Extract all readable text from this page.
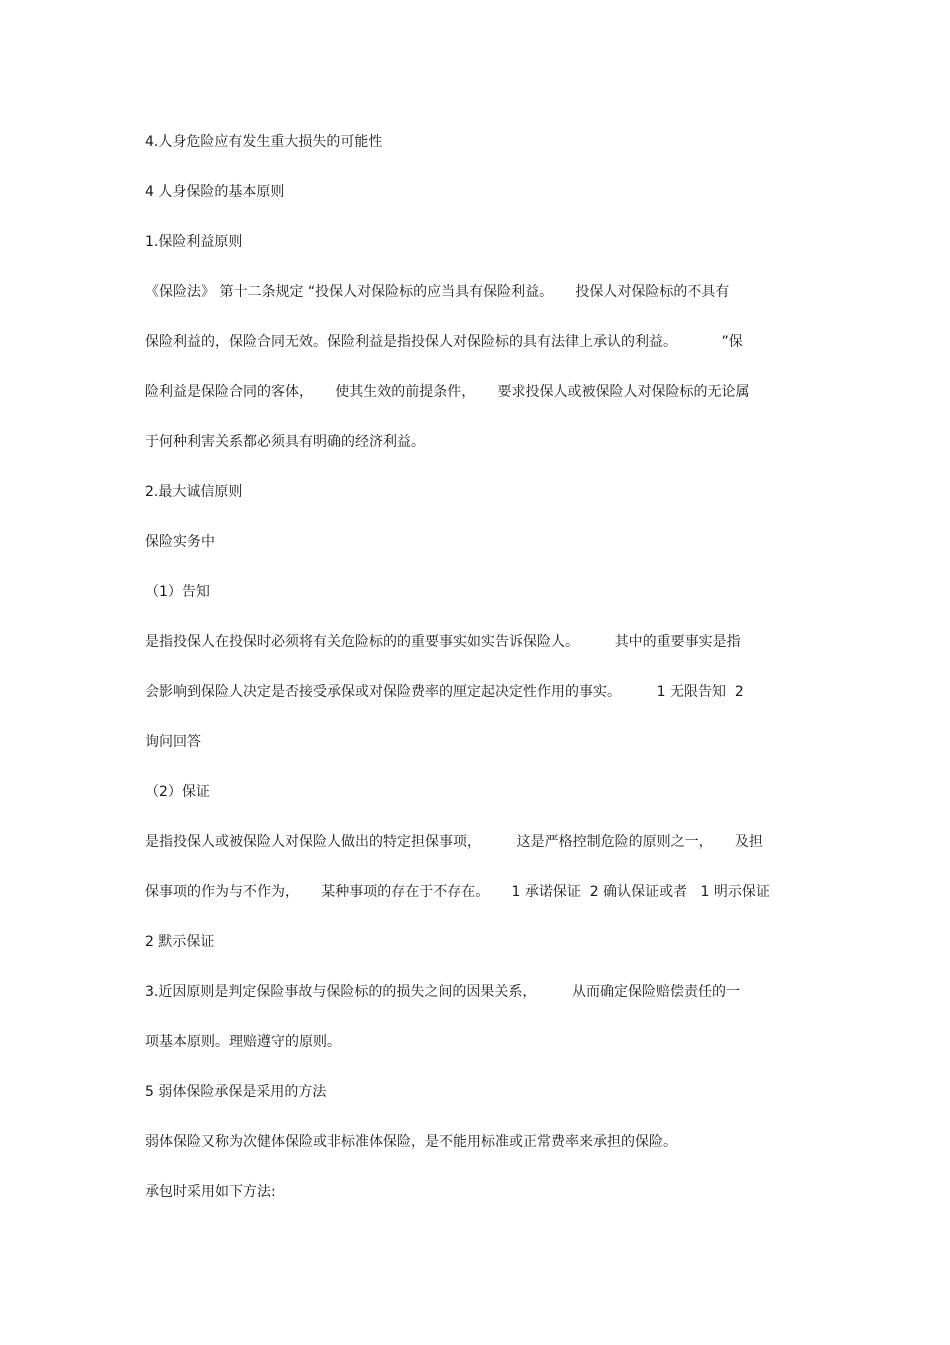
4.人身危险应有发生重大损失的可能性

4 人身保险的基本原则

1.保险利益原则

《保险法》 第十二条规定 “投保人对保险标的应当具有保险利益。     投保人对保险标的不具有

保险利益的，保险合同无效。保险利益是指投保人对保险标的具有法律上承认的利益。          ”保

险利益是保险合同的客体，     使其生效的前提条件，     要求投保人或被保险人对保险标的无论属

于何种利害关系都必须具有明确的经济利益。

2.最大诚信原则

保险实务中

（1）告知

是指投保人在投保时必须将有关危险标的的重要事实如实告诉保险人。        其中的重要事实是指

会影响到保险人决定是否接受承保或对保险费率的厘定起决定性作用的事实。        1 无限告知  2

询问回答

（2）保证

是指投保人或被保险人对保险人做出的特定担保事项，        这是严格控制危险的原则之一，     及担

保事项的作为与不作为，     某种事项的存在于不存在。     1 承诺保证  2 确认保证或者   1 明示保证

2 默示保证

3.近因原则是判定保险事故与保险标的的损失之间的因果关系，        从而确定保险赔偿责任的一

项基本原则。理赔遵守的原则。

5 弱体保险承保是采用的方法

弱体保险又称为次健体保险或非标准体保险，是不能用标准或正常费率来承担的保险。

承包时采用如下方法:
